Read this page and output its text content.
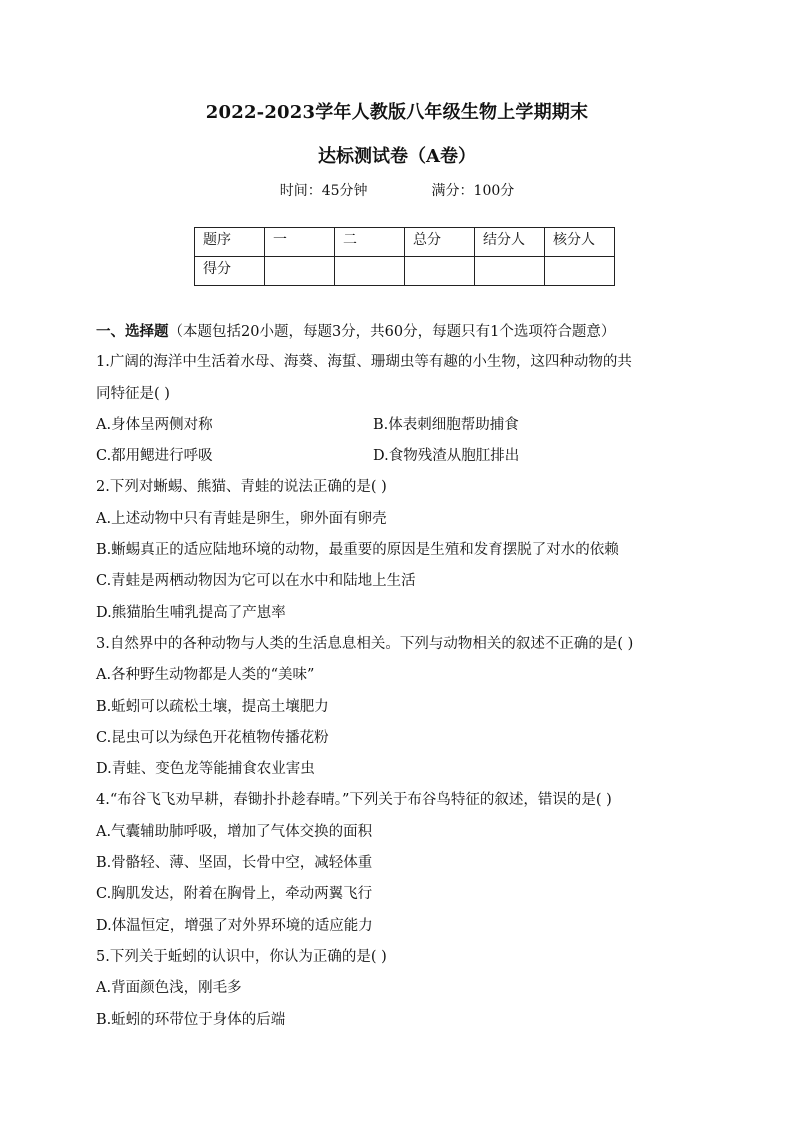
2022-2023学年人教版八年级生物上学期期末
达标测试卷（A卷）
时间：45分钟	满分：100分
题序	一	二	总分	结分人	核分人
得分					
一、选择题（本题包括20小题，每题3分，共60分，每题只有1个选项符合题意）
1.广阔的海洋中生活着水母、海葵、海蜇、珊瑚虫等有趣的小生物，这四种动物的共
同特征是( )
A.身体呈两侧对称	B.体表刺细胞帮助捕食
C.都用鳃进行呼吸	D.食物残渣从胞肛排出
2.下列对蜥蜴、熊猫、青蛙的说法正确的是( )
A.上述动物中只有青蛙是卵生，卵外面有卵壳
B.蜥蜴真正的适应陆地环境的动物，最重要的原因是生殖和发育摆脱了对水的依赖
C.青蛙是两栖动物因为它可以在水中和陆地上生活
D.熊猫胎生哺乳提高了产崽率
3.自然界中的各种动物与人类的生活息息相关。下列与动物相关的叙述不正确的是( )
A.各种野生动物都是人类的“美味”
B.蚯蚓可以疏松土壤，提高土壤肥力
C.昆虫可以为绿色开花植物传播花粉
D.青蛙、变色龙等能捕食农业害虫
4.“布谷飞飞劝早耕，春锄扑扑趁春晴。”下列关于布谷鸟特征的叙述，错误的是( )
A.气囊辅助肺呼吸，增加了气体交换的面积
B.骨骼轻、薄、坚固，长骨中空，减轻体重
C.胸肌发达，附着在胸骨上，牵动两翼飞行
D.体温恒定，增强了对外界环境的适应能力
5.下列关于蚯蚓的认识中，你认为正确的是( )
A.背面颜色浅，刚毛多
B.蚯蚓的环带位于身体的后端
